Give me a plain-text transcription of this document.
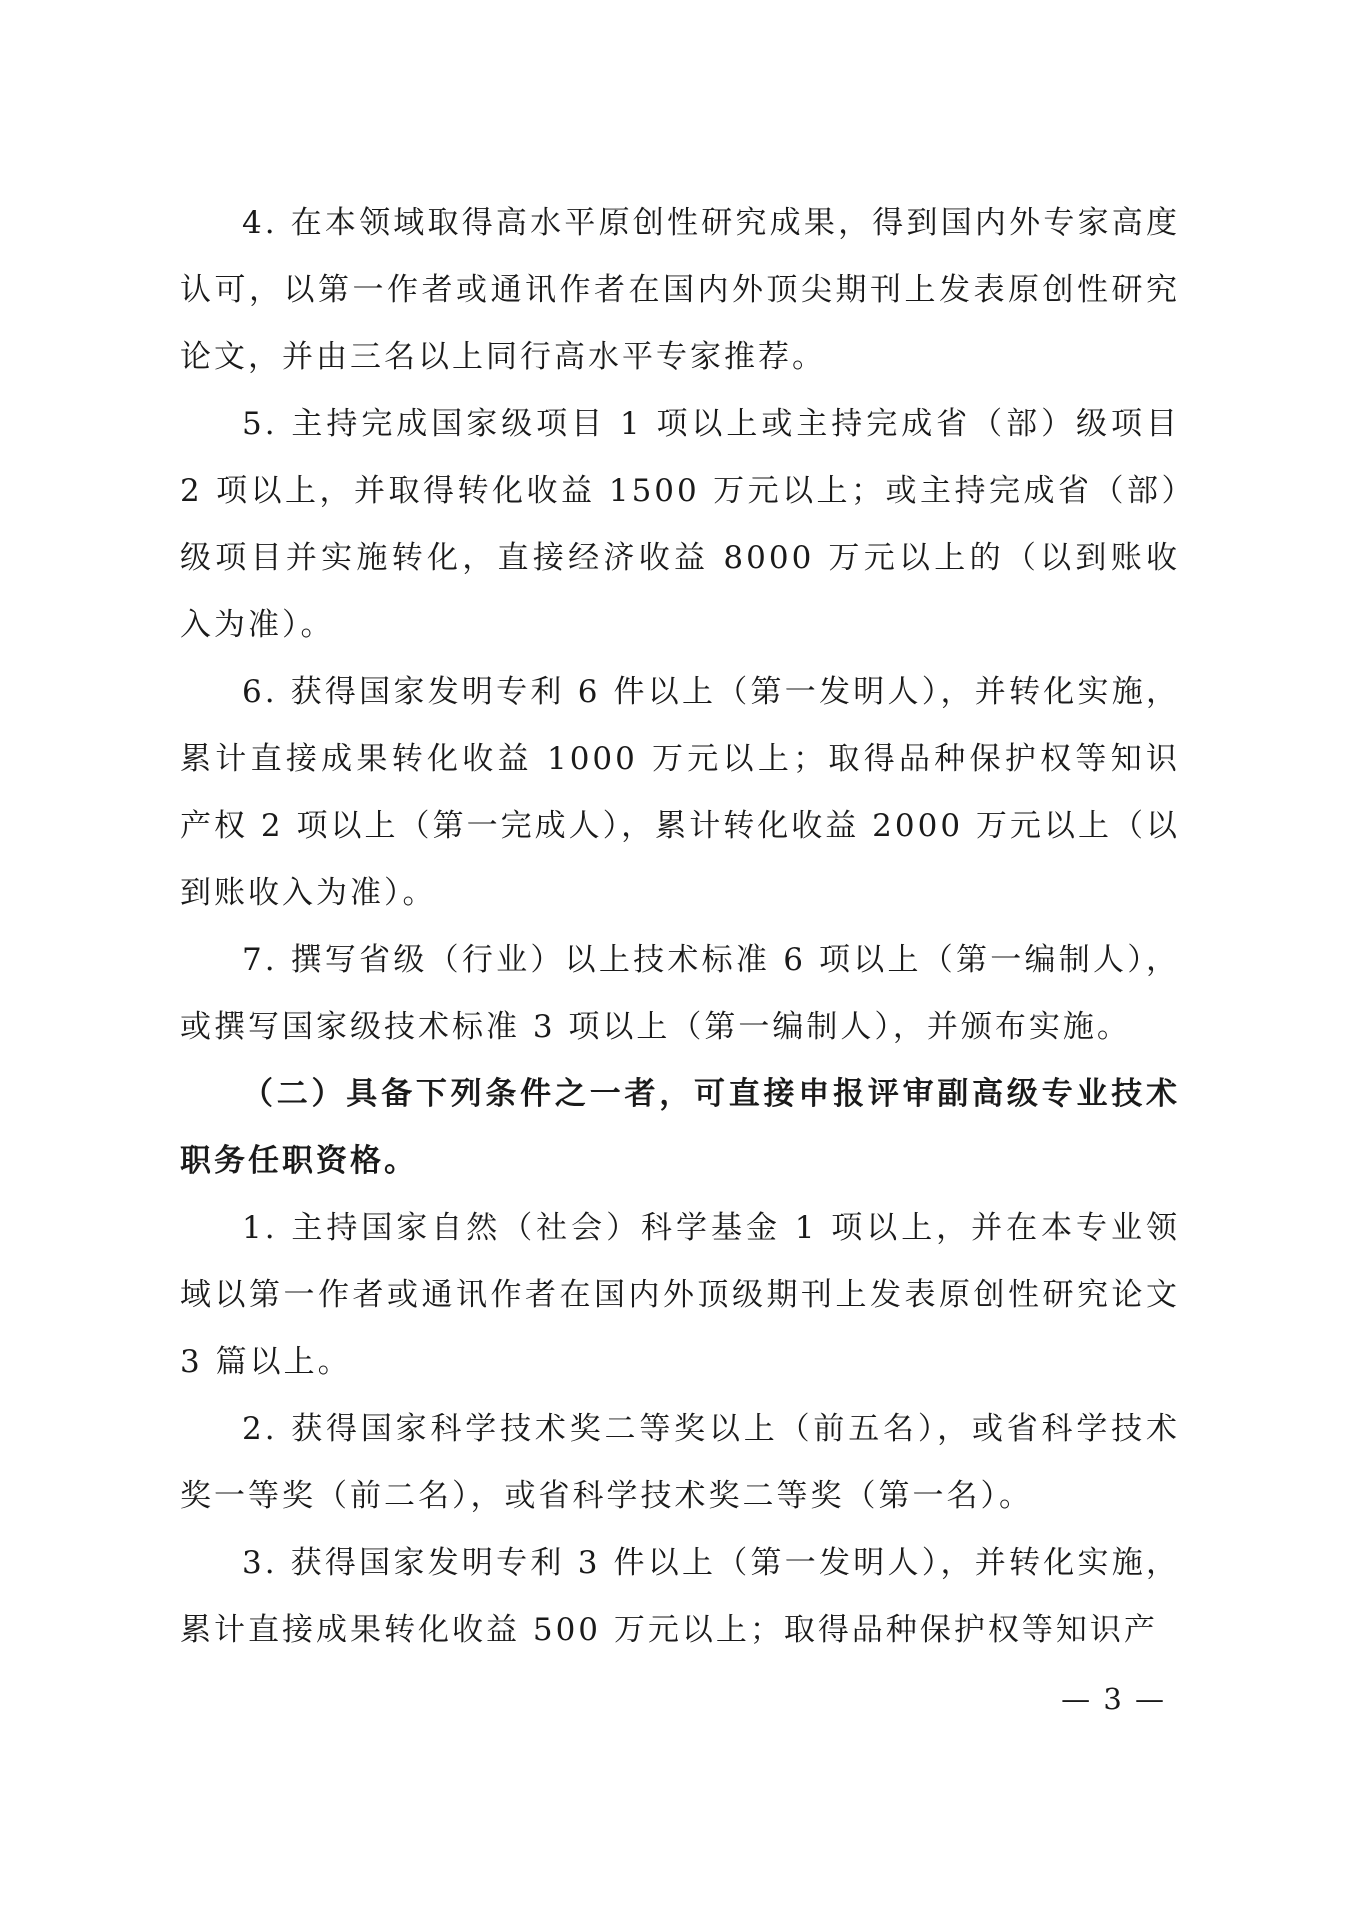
4. 在本领域取得高水平原创性研究成果，得到国内外专家高度认可，以第一作者或通讯作者在国内外顶尖期刊上发表原创性研究论文，并由三名以上同行高水平专家推荐。

5. 主持完成国家级项目 1 项以上或主持完成省（部）级项目 2 项以上，并取得转化收益 1500 万元以上；或主持完成省（部）级项目并实施转化，直接经济收益 8000 万元以上的（以到账收入为准）。

6. 获得国家发明专利 6 件以上（第一发明人），并转化实施，累计直接成果转化收益 1000 万元以上；取得品种保护权等知识产权 2 项以上（第一完成人），累计转化收益 2000 万元以上（以到账收入为准）。

7. 撰写省级（行业）以上技术标准 6 项以上（第一编制人），或撰写国家级技术标准 3 项以上（第一编制人），并颁布实施。

（二）具备下列条件之一者，可直接申报评审副高级专业技术职务任职资格。

1. 主持国家自然（社会）科学基金 1 项以上，并在本专业领域以第一作者或通讯作者在国内外顶级期刊上发表原创性研究论文 3 篇以上。

2. 获得国家科学技术奖二等奖以上（前五名），或省科学技术奖一等奖（前二名），或省科学技术奖二等奖（第一名）。

3. 获得国家发明专利 3 件以上（第一发明人），并转化实施，累计直接成果转化收益 500 万元以上；取得品种保护权等知识产

— 3 —
